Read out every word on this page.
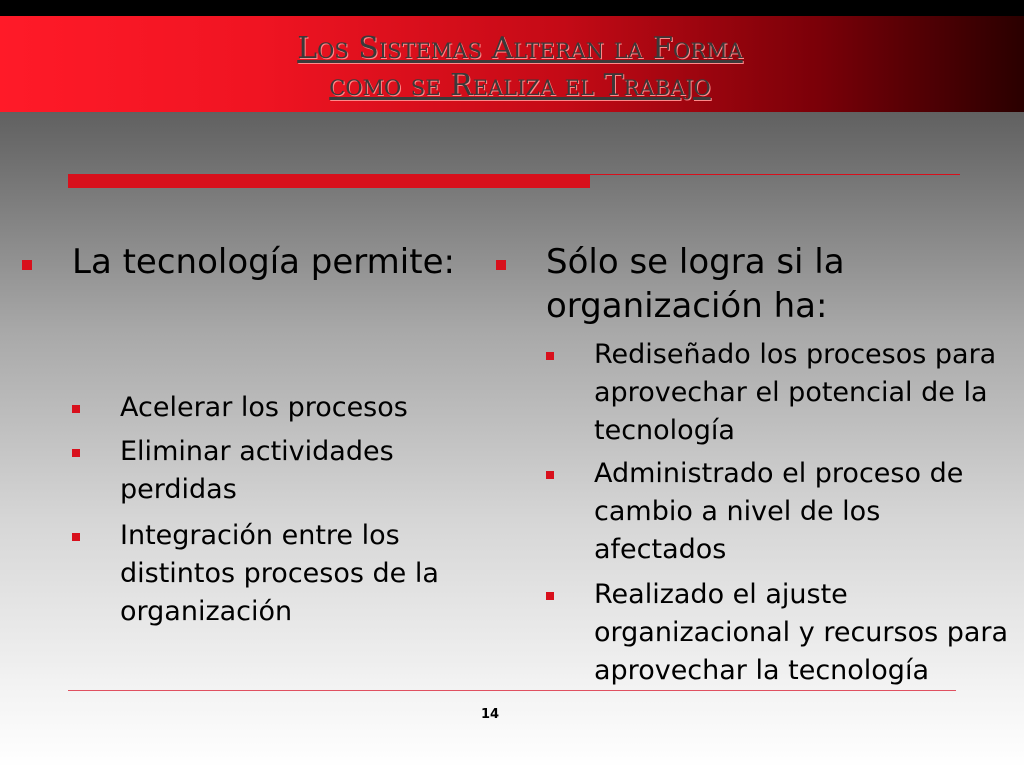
Los Sistemas Alteran la Forma
como se Realiza el Trabajo
La tecnología permite:
Acelerar los procesos
Eliminar actividades perdidas
Integración entre los distintos procesos de la organización
Sólo se logra si la organización ha:
Rediseñado los procesos para aprovechar el potencial de la tecnología
Administrado el proceso de cambio a nivel de los afectados
Realizado el ajuste organizacional y recursos para aprovechar la tecnología
14
